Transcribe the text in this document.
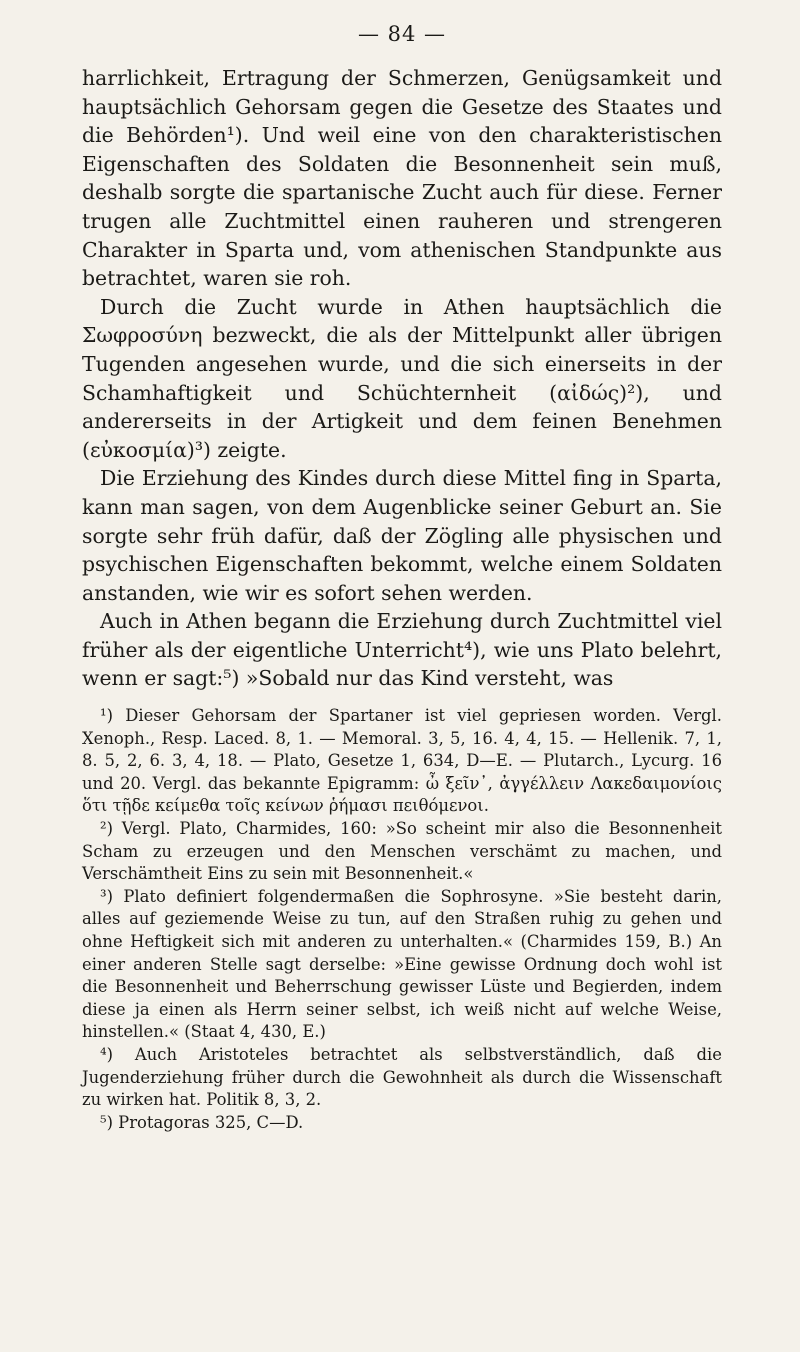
— 84 —

harrlichkeit, Ertragung der Schmerzen, Genügsamkeit und hauptsächlich Gehorsam gegen die Gesetze des Staates und die Behörden¹). Und weil eine von den charakteristischen Eigenschaften des Soldaten die Besonnenheit sein muß, deshalb sorgte die spartanische Zucht auch für diese. Ferner trugen alle Zuchtmittel einen rauheren und strengeren Charakter in Sparta und, vom athenischen Standpunkte aus betrachtet, waren sie roh.

Durch die Zucht wurde in Athen hauptsächlich die Σωφροσύνη bezweckt, die als der Mittelpunkt aller übrigen Tugenden angesehen wurde, und die sich einerseits in der Schamhaftigkeit und Schüchternheit (αἰδώς)²), und andererseits in der Artigkeit und dem feinen Benehmen (εὐκοσμία)³) zeigte.

Die Erziehung des Kindes durch diese Mittel fing in Sparta, kann man sagen, von dem Augenblicke seiner Geburt an. Sie sorgte sehr früh dafür, daß der Zögling alle physischen und psychischen Eigenschaften bekommt, welche einem Soldaten anstanden, wie wir es sofort sehen werden.

Auch in Athen begann die Erziehung durch Zuchtmittel viel früher als der eigentliche Unterricht⁴), wie uns Plato belehrt, wenn er sagt:⁵) »Sobald nur das Kind versteht, was

¹) Dieser Gehorsam der Spartaner ist viel gepriesen worden. Vergl. Xenoph., Resp. Laced. 8, 1. — Memoral. 3, 5, 16. 4, 4, 15. — Hellenik. 7, 1, 8. 5, 2, 6. 3, 4, 18. — Plato, Gesetze 1, 634, D—E. — Plutarch., Lycurg. 16 und 20. Vergl. das bekannte Epigramm: ὦ ξεῖν᾽, ἀγγέλλειν Λακεδαιμονίοις ὅτι τῇδε κείμεθα τοῖς κείνων ῥήμασι πειθόμενοι.

²) Vergl. Plato, Charmides, 160: »So scheint mir also die Besonnenheit Scham zu erzeugen und den Menschen verschämt zu machen, und Verschämtheit Eins zu sein mit Besonnenheit.«

³) Plato definiert folgendermaßen die Sophrosyne. »Sie besteht darin, alles auf geziemende Weise zu tun, auf den Straßen ruhig zu gehen und ohne Heftigkeit sich mit anderen zu unterhalten.« (Charmides 159, B.) An einer anderen Stelle sagt derselbe: »Eine gewisse Ordnung doch wohl ist die Besonnenheit und Beherrschung gewisser Lüste und Begierden, indem diese ja einen als Herrn seiner selbst, ich weiß nicht auf welche Weise, hinstellen.« (Staat 4, 430, E.)

⁴) Auch Aristoteles betrachtet als selbstverständlich, daß die Jugenderziehung früher durch die Gewohnheit als durch die Wissenschaft zu wirken hat. Politik 8, 3, 2.

⁵) Protagoras 325, C—D.
